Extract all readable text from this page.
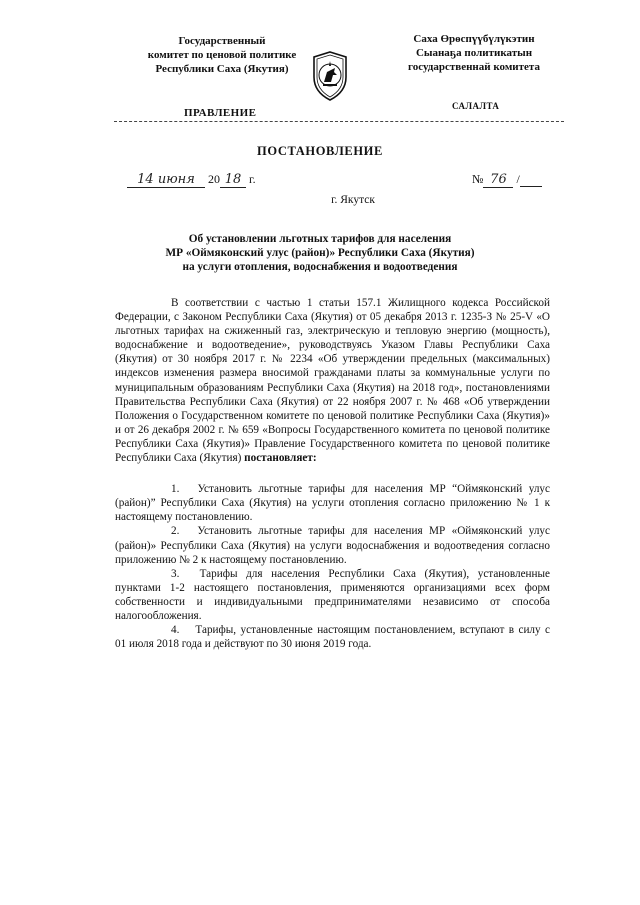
Государственный
комитет по ценовой политике
Республики Саха (Якутия)
Саха Өрөспүүбүлүкэтин
Сыанаҕа политикатын
государственнай комитета
ПРАВЛЕНИЕ
САЛАЛТА
ПОСТАНОВЛЕНИЕ
14 июня 20 18 г.	№ 76 /
г. Якутск
Об установлении льготных тарифов для населения
МР «Оймяконский улус (район)» Республики Саха (Якутия)
на услуги отопления, водоснабжения и водоотведения

В соответствии с частью 1 статьи 157.1 Жилищного кодекса Российской Федерации, с Законом Республики Саха (Якутия) от 05 декабря 2013 г. 1235-З № 25-V «О льготных тарифах на сжиженный газ, электрическую и тепловую энергию (мощность), водоснабжение и водоотведение», руководствуясь Указом Главы Республики Саха (Якутия) от 30 ноября 2017 г. № 2234 «Об утверждении предельных (максимальных) индексов изменения размера вносимой гражданами платы за коммунальные услуги по муниципальным образованиям Республики Саха (Якутия) на 2018 год», постановлениями Правительства Республики Саха (Якутия) от 22 ноября 2007 г. № 468 «Об утверждении Положения о Государственном комитете по ценовой политике Республики Саха (Якутия)» и от 26 декабря 2002 г. № 659 «Вопросы Государственного комитета по ценовой политике Республики Саха (Якутия)» Правление Государственного комитета по ценовой политике Республики Саха (Якутия) постановляет:

1. Установить льготные тарифы для населения МР “Оймяконский улус (район)” Республики Саха (Якутия) на услуги отопления согласно приложению № 1 к настоящему постановлению.

2. Установить льготные тарифы для населения МР «Оймяконский улус (район)» Республики Саха (Якутия) на услуги водоснабжения и водоотведения согласно приложению № 2 к настоящему постановлению.

3. Тарифы для населения Республики Саха (Якутия), установленные пунктами 1-2 настоящего постановления, применяются организациями всех форм собственности и индивидуальными предпринимателями независимо от способа налогообложения.

4. Тарифы, установленные настоящим постановлением, вступают в силу с 01 июля 2018 года и действуют по 30 июня 2019 года.
